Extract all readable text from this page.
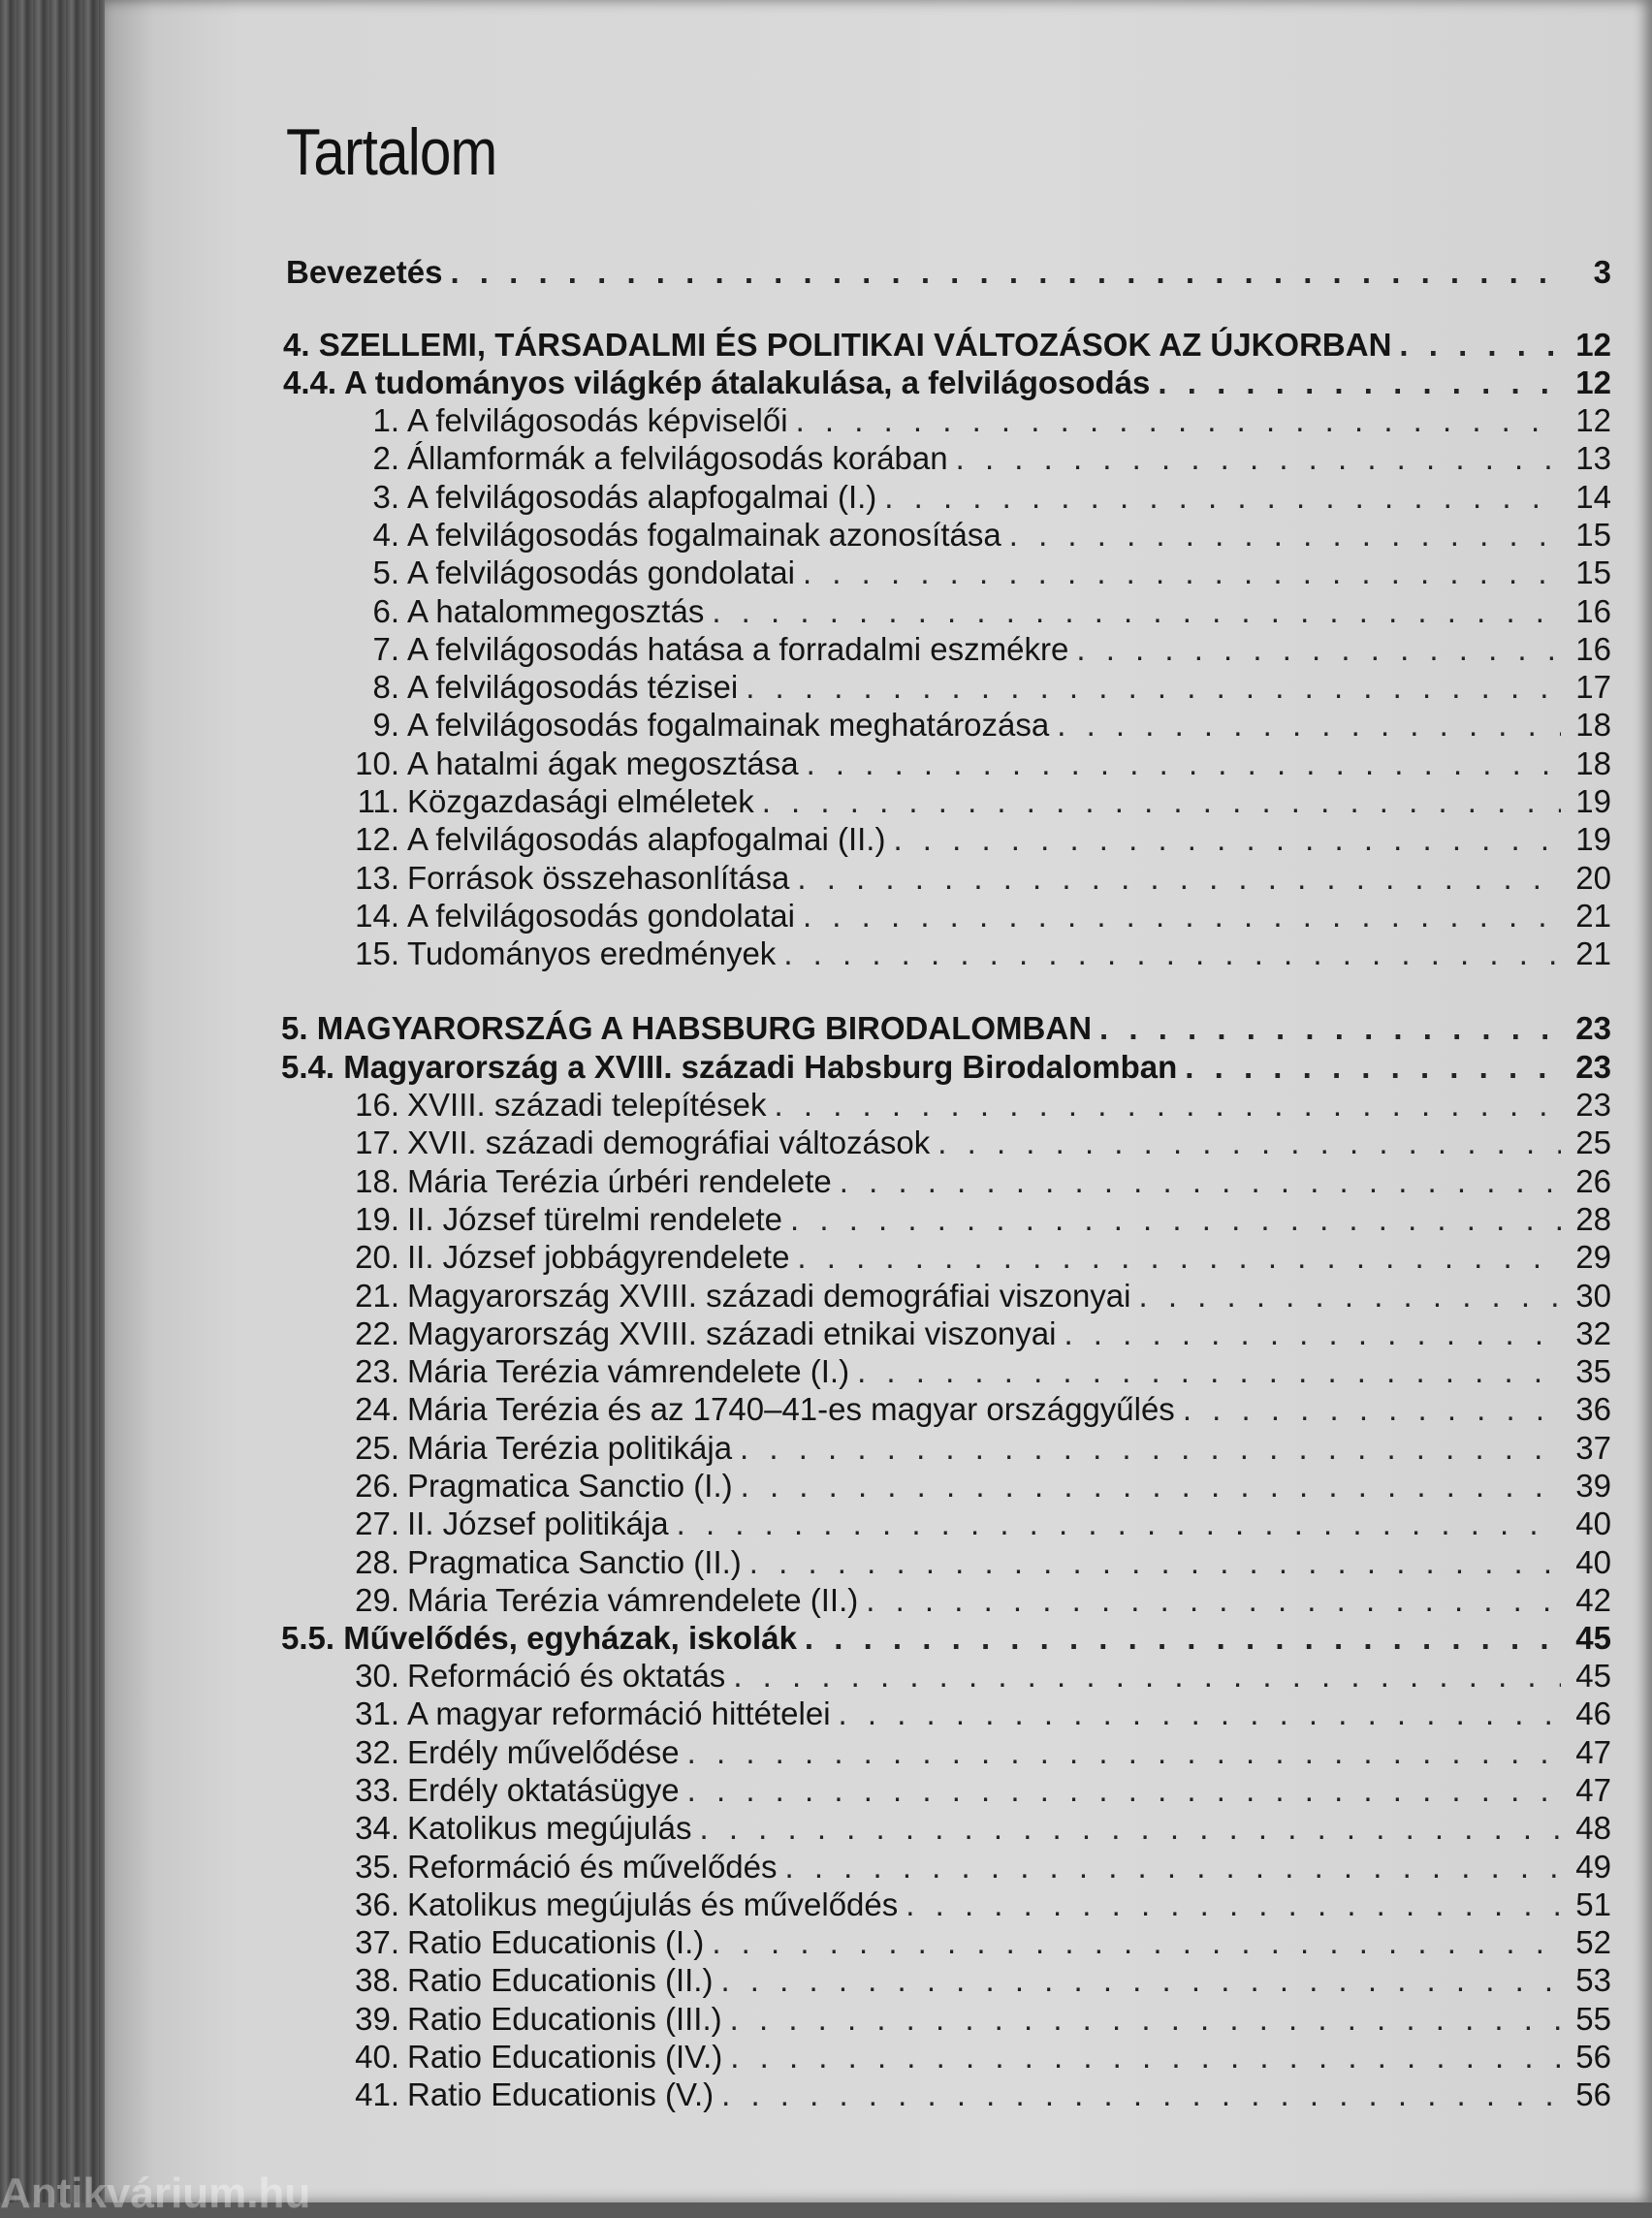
Tartalom
Bevezetés . . .	3
4. SZELLEMI, TÁRSADALMI ÉS POLITIKAI VÁLTOZÁSOK AZ ÚJKORBAN . . .	12
4.4. A tudományos világkép átalakulása, a felvilágosodás . . .	12
1. A felvilágosodás képviselői . . .	12
2. Államformák a felvilágosodás korában . . .	13
3. A felvilágosodás alapfogalmai (I.) . . .	14
4. A felvilágosodás fogalmainak azonosítása . . .	15
5. A felvilágosodás gondolatai . . .	15
6. A hatalommegosztás . . .	16
7. A felvilágosodás hatása a forradalmi eszmékre . . .	16
8. A felvilágosodás tézisei . . .	17
9. A felvilágosodás fogalmainak meghatározása . . .	18
10. A hatalmi ágak megosztása . . .	18
11. Közgazdasági elméletek . . .	19
12. A felvilágosodás alapfogalmai (II.) . . .	19
13. Források összehasonlítása . . .	20
14. A felvilágosodás gondolatai . . .	21
15. Tudományos eredmények . . .	21
5. MAGYARORSZÁG A HABSBURG BIRODALOMBAN . . .	23
5.4. Magyarország a XVIII. századi Habsburg Birodalomban . . .	23
16. XVIII. századi telepítések . . .	23
17. XVII. századi demográfiai változások . . .	25
18. Mária Terézia úrbéri rendelete . . .	26
19. II. József türelmi rendelete . . .	28
20. II. József jobbágyrendelete . . .	29
21. Magyarország XVIII. századi demográfiai viszonyai . . .	30
22. Magyarország XVIII. századi etnikai viszonyai . . .	32
23. Mária Terézia vámrendelete (I.) . . .	35
24. Mária Terézia és az 1740–41-es magyar országgyűlés . . .	36
25. Mária Terézia politikája . . .	37
26. Pragmatica Sanctio (I.) . . .	39
27. II. József politikája . . .	40
28. Pragmatica Sanctio (II.) . . .	40
29. Mária Terézia vámrendelete (II.) . . .	42
5.5. Művelődés, egyházak, iskolák . . .	45
30. Reformáció és oktatás . . .	45
31. A magyar reformáció hittételei . . .	46
32. Erdély művelődése . . .	47
33. Erdély oktatásügye . . .	47
34. Katolikus megújulás . . .	48
35. Reformáció és művelődés . . .	49
36. Katolikus megújulás és művelődés . . .	51
37. Ratio Educationis (I.) . . .	52
38. Ratio Educationis (II.) . . .	53
39. Ratio Educationis (III.) . . .	55
40. Ratio Educationis (IV.) . . .	56
41. Ratio Educationis (V.) . . .	56
Antikvárium.hu
